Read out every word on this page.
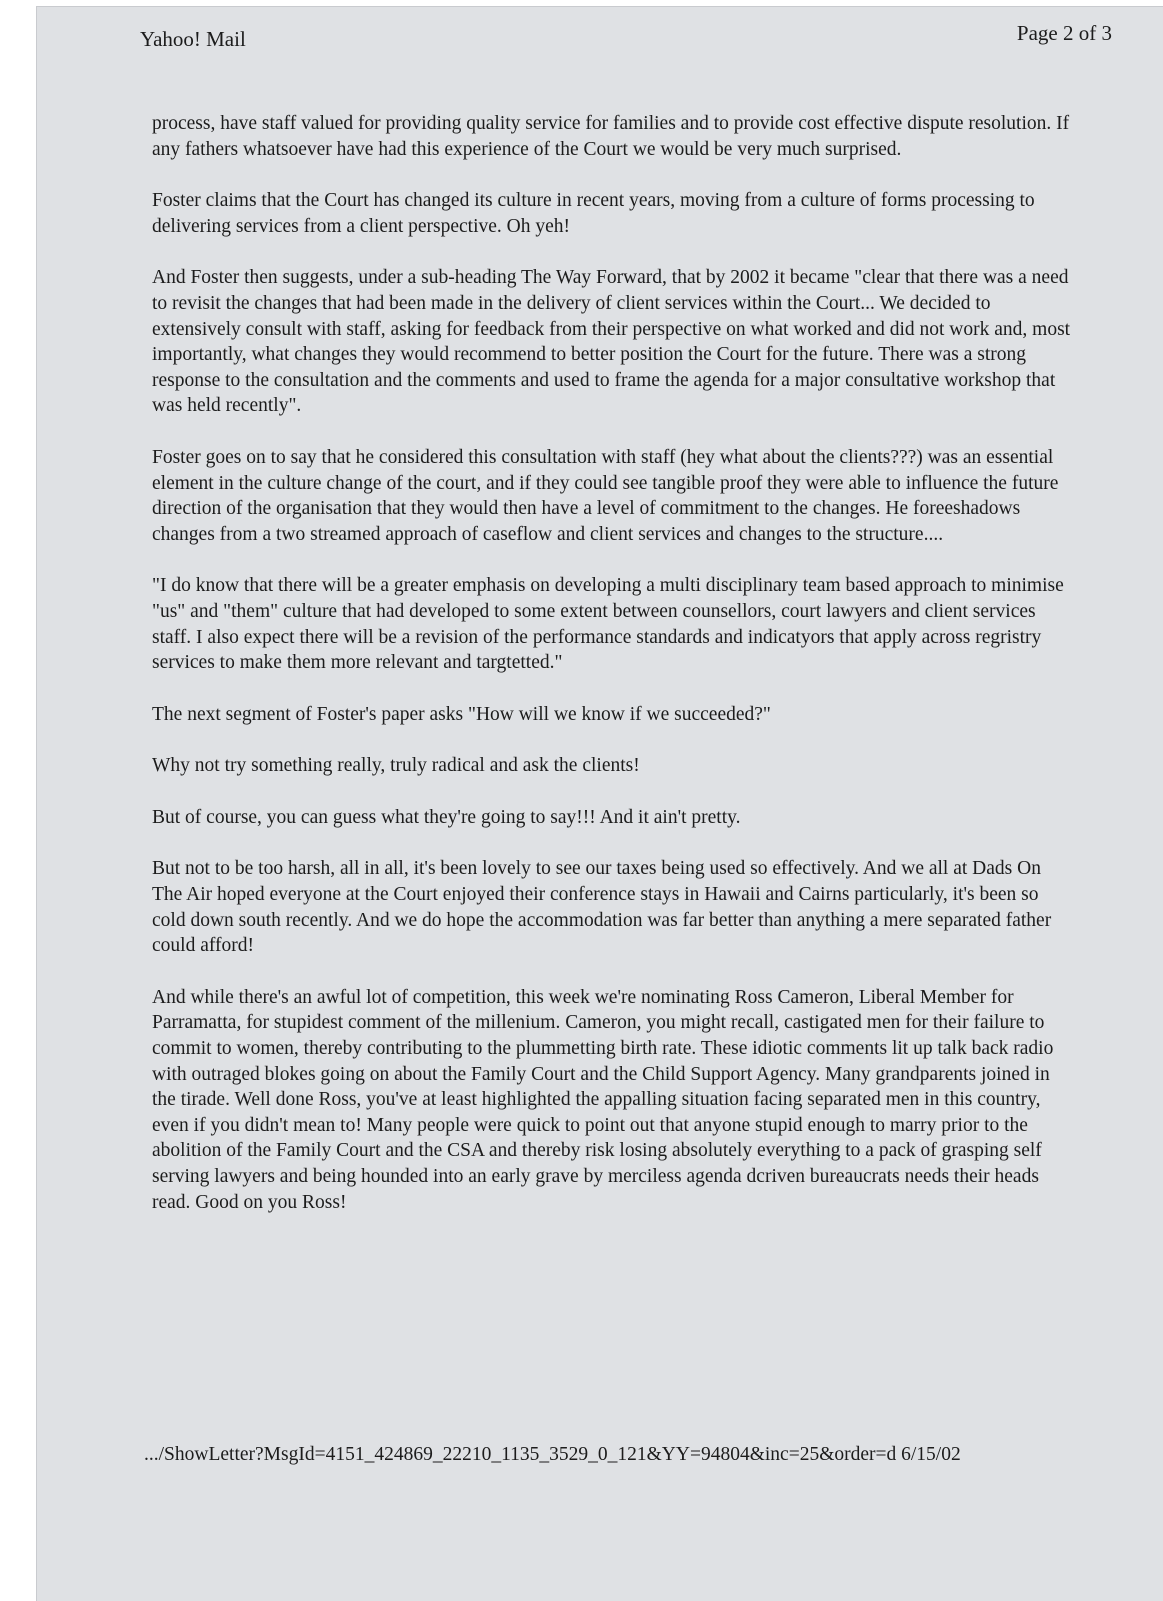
Yahoo! Mail	Page 2 of 3

process, have staff valued for providing quality service for families and to provide cost effective dispute resolution. If any fathers whatsoever have had this experience of the Court we would be very much surprised.

Foster claims that the Court has changed its culture in recent years, moving from a culture of forms processing to delivering services from a client perspective. Oh yeh!

And Foster then suggests, under a sub-heading The Way Forward, that by 2002 it became "clear that there was a need to revisit the changes that had been made in the delivery of client services within the Court... We decided to extensively consult with staff, asking for feedback from their perspective on what worked and did not work and, most importantly, what changes they would recommend to better position the Court for the future. There was a strong response to the consultation and the comments and used to frame the agenda for a major consultative workshop that was held recently".

Foster goes on to say that he considered this consultation with staff (hey what about the clients???) was an essential element in the culture change of the court, and if they could see tangible proof they were able to influence the future direction of the organisation that they would then have a level of commitment to the changes. He foreeshadows changes from a two streamed approach of caseflow and client services and changes to the structure....

"I do know that there will be a greater emphasis on developing a multi disciplinary team based approach to minimise "us" and "them" culture that had developed to some extent between counsellors, court lawyers and client services staff. I also expect there will be a revision of the performance standards and indicatyors that apply across regristry services to make them more relevant and targtetted."

The next segment of Foster's paper asks "How will we know if we succeeded?"

Why not try something really, truly radical and ask the clients!

But of course, you can guess what they're going to say!!! And it ain't pretty.

But not to be too harsh, all in all, it's been lovely to see our taxes being used so effectively. And we all at Dads On The Air hoped everyone at the Court enjoyed their conference stays in Hawaii and Cairns particularly, it's been so cold down south recently. And we do hope the accommodation was far better than anything a mere separated father could afford!

And while there's an awful lot of competition, this week we're nominating Ross Cameron, Liberal Member for Parramatta, for stupidest comment of the millenium. Cameron, you might recall, castigated men for their failure to commit to women, thereby contributing to the plummetting birth rate. These idiotic comments lit up talk back radio with outraged blokes going on about the Family Court and the Child Support Agency. Many grandparents joined in the tirade. Well done Ross, you've at least highlighted the appalling situation facing separated men in this country, even if you didn't mean to! Many people were quick to point out that anyone stupid enough to marry prior to the abolition of the Family Court and the CSA and thereby risk losing absolutely everything to a pack of grasping self serving lawyers and being hounded into an early grave by merciless agenda dcriven bureaucrats needs their heads read. Good on you Ross!

.../ShowLetter?MsgId=4151_424869_22210_1135_3529_0_121&YY=94804&inc=25&order=d 6/15/02
